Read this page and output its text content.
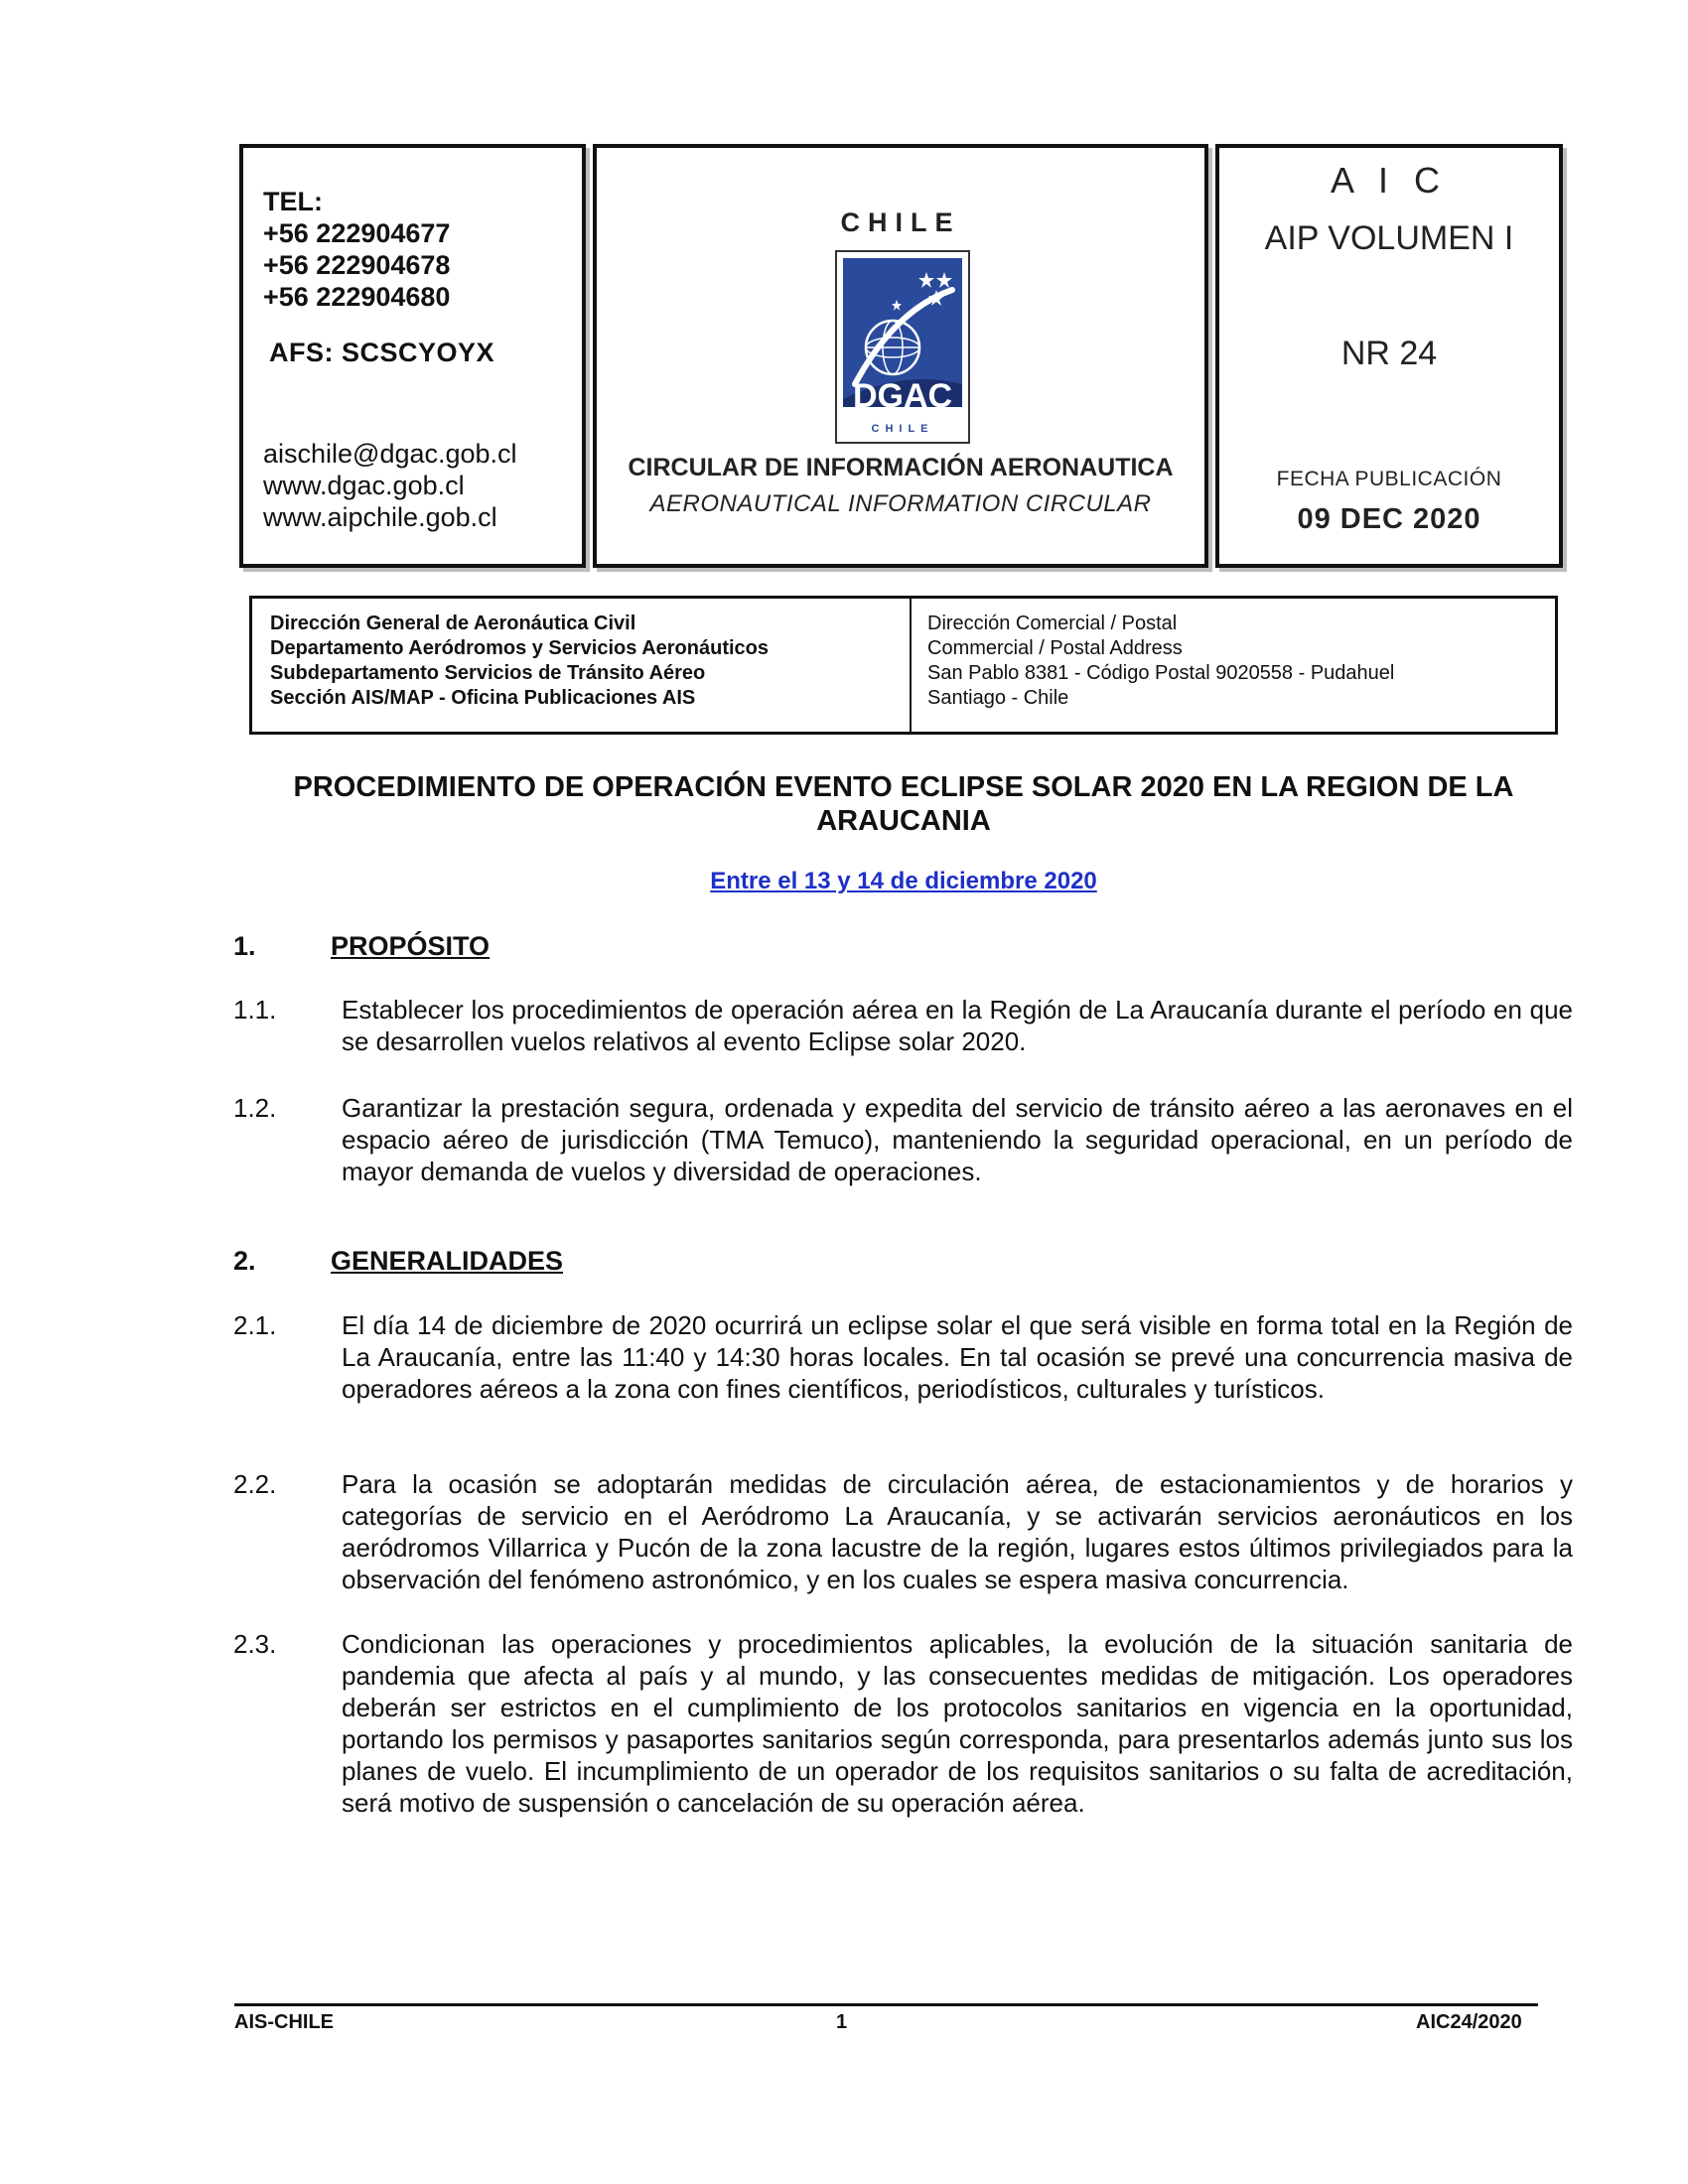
TEL:
+56 222904677
+56 222904678
+56 222904680
AFS: SCSCYOYX
aischile@dgac.gob.cl
www.dgac.gob.cl
www.aipchile.gob.cl
CHILE
CHILE
DGAC
CIRCULAR DE INFORMACIÓN AERONAUTICA
AERONAUTICAL INFORMATION CIRCULAR
A I C
AIP VOLUMEN I
NR 24
FECHA PUBLICACIÓN
09 DEC 2020
Dirección General de Aeronáutica Civil
Departamento Aeródromos y Servicios Aeronáuticos
Subdepartamento Servicios de Tránsito Aéreo
Sección AIS/MAP - Oficina Publicaciones AIS
Dirección Comercial / Postal
Commercial / Postal Address
San Pablo 8381 - Código Postal 9020558 - Pudahuel
Santiago - Chile
PROCEDIMIENTO DE OPERACIÓN EVENTO ECLIPSE SOLAR 2020 EN LA REGION DE LA
ARAUCANIA
Entre el 13 y 14 de diciembre 2020
1.	PROPÓSITO
1.1.	Establecer los procedimientos de operación aérea en la Región de La Araucanía durante el período en que se desarrollen vuelos relativos al evento Eclipse solar 2020.
1.2.	Garantizar la prestación segura, ordenada y expedita del servicio de tránsito aéreo a las aeronaves en el espacio aéreo de jurisdicción (TMA Temuco), manteniendo la seguridad operacional, en un período de mayor demanda de vuelos y diversidad de operaciones.
2.	GENERALIDADES
2.1.	El día 14 de diciembre de 2020 ocurrirá un eclipse solar el que será visible en forma total en la Región de La Araucanía, entre las 11:40 y 14:30 horas locales. En tal ocasión se prevé una concurrencia masiva de operadores aéreos a la zona con fines científicos, periodísticos, culturales y turísticos.
2.2.	Para la ocasión se adoptarán medidas de circulación aérea, de estacionamientos y de horarios y categorías de servicio en el Aeródromo La Araucanía, y se activarán servicios aeronáuticos en los aeródromos Villarrica y Pucón de la zona lacustre de la región, lugares estos últimos privilegiados para la observación del fenómeno astronómico, y en los cuales se espera masiva concurrencia.
2.3.	Condicionan las operaciones y procedimientos aplicables, la evolución de la situación sanitaria de pandemia que afecta al país y al mundo, y las consecuentes medidas de mitigación. Los operadores deberán ser estrictos en el cumplimiento de los protocolos sanitarios en vigencia en la oportunidad, portando los permisos y pasaportes sanitarios según corresponda, para presentarlos además junto sus los planes de vuelo. El incumplimiento de un operador de los requisitos sanitarios o su falta de acreditación, será motivo de suspensión o cancelación de su operación aérea.
AIS-CHILE	1	AIC24/2020
